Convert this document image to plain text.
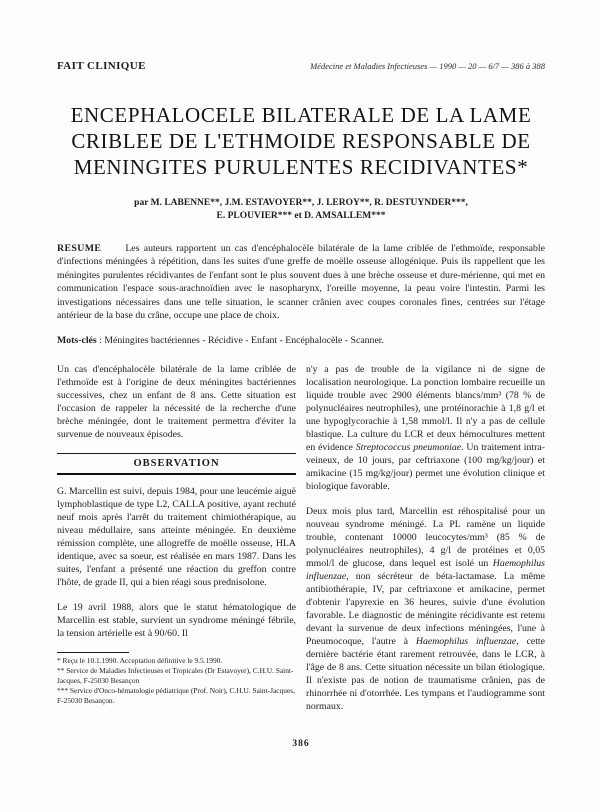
FAIT CLINIQUE	Médecine et Maladies Infectieuses — 1990 — 20 — 6/7 — 386 à 388
ENCEPHALOCELE BILATERALE DE LA LAME
CRIBLEE DE L'ETHMOIDE RESPONSABLE DE
MENINGITES PURULENTES RECIDIVANTES*
par M. LABENNE**, J.M. ESTAVOYER**, J. LEROY**, R. DESTUYNDER***,
E. PLOUVIER*** et D. AMSALLEM***

RESUME Les auteurs rapportent un cas d'encéphalocèle bilatérale de la lame criblée de l'ethmoïde, responsable d'infections méningées à répétition, dans les suites d'une greffe de moëlle osseuse allogénique. Puis ils rappellent que les méningites purulentes récidivantes de l'enfant sont le plus souvent dues à une brèche osseuse et dure-mérienne, qui met en communication l'espace sous-arachnoïdien avec le nasopharynx, l'oreille moyenne, la peau voire l'intestin. Parmi les investigations nécessaires dans une telle situation, le scanner crânien avec coupes coronales fines, centrées sur l'étage antérieur de la base du crâne, occupe une place de choix.

Mots-clés : Méningites bactériennes - Récidive - Enfant - Encéphalocèle - Scanner.

Un cas d'encéphalocèle bilatérale de la lame criblée de l'ethmoïde est à l'origine de deux méningites bactériennes successives, chez un enfant de 8 ans. Cette situation est l'occasion de rappeler la nécessité de la recherche d'une brèche méningée, dont le traitement permettra d'éviter la survenue de nouveaux épisodes.

OBSERVATION

G. Marcellin est suivi, depuis 1984, pour une leucémie aiguë lymphoblastique de type L2, CALLA positive, ayant rechuté neuf mois après l'arrêt du traitement chimiothérapique, au niveau médullaire, sans atteinte méningée. En deuxième rémission complète, une allogreffe de moëlle osseuse, HLA identique, avec sa soeur, est réalisée en mars 1987. Dans les suites, l'enfant a présenté une réaction du greffon contre l'hôte, de grade II, qui a bien réagi sous prednisolone.

Le 19 avril 1988, alors que le statut hématologique de Marcellin est stable, survient un syndrome méningé fébrile, la tension artérielle est à 90/60. Il

* Reçu le 10.1.1990. Acceptation définitive le 9.5.1990.
** Service de Maladies Infectieuses et Tropicales (Dr Estavoyer), C.H.U. Saint-Jacques, F-25030 Besançon
*** Service d'Onco-hématologie pédiatrique (Prof. Noir), C.H.U. Saint-Jacques, F-25030 Besançon.

n'y a pas de trouble de la vigilance ni de signe de localisation neurologique. La ponction lombaire recueille un liquide trouble avec 2900 éléments blancs/mm³ (78 % de polynucléaires neutrophiles), une protéinorachie à 1,8 g/l et une hypoglycorachie à 1,58 mmol/l. Il n'y a pas de cellule blastique. La culture du LCR et deux hémocultures mettent en évidence Streptococcus pneumoniae. Un traitement intra-veineux, de 10 jours, par ceftriaxone (100 mg/kg/jour) et amikacine (15 mg/kg/jour) permet une évolution clinique et biologique favorable.

Deux mois plus tard, Marcellin est réhospitalisé pour un nouveau syndrome méningé. La PL ramène un liquide trouble, contenant 10000 leucocytes/mm³ (85 % de polynucléaires neutrophiles), 4 g/l de protéines et 0,05 mmol/l de glucose, dans lequel est isolé un Haemophilus influenzae, non sécréteur de béta-lactamase. La même antibiothérapie, IV, par ceftriaxone et amikacine, permet d'obtenir l'apyrexie en 36 heures, suivie d'une évolution favorable. Le diagnostic de méningite récidivante est retenu devant la survenue de deux infections méningées, l'une à Pneumocoque, l'autre à Haemophilus influenzae, cette dernière bactérie étant rarement retrouvée, dans le LCR, à l'âge de 8 ans. Cette situation nécessite un bilan étiologique. Il n'existe pas de notion de traumatisme crânien, pas de rhinorrhée ni d'otorrhée. Les tympans et l'audiogramme sont normaux.

386
